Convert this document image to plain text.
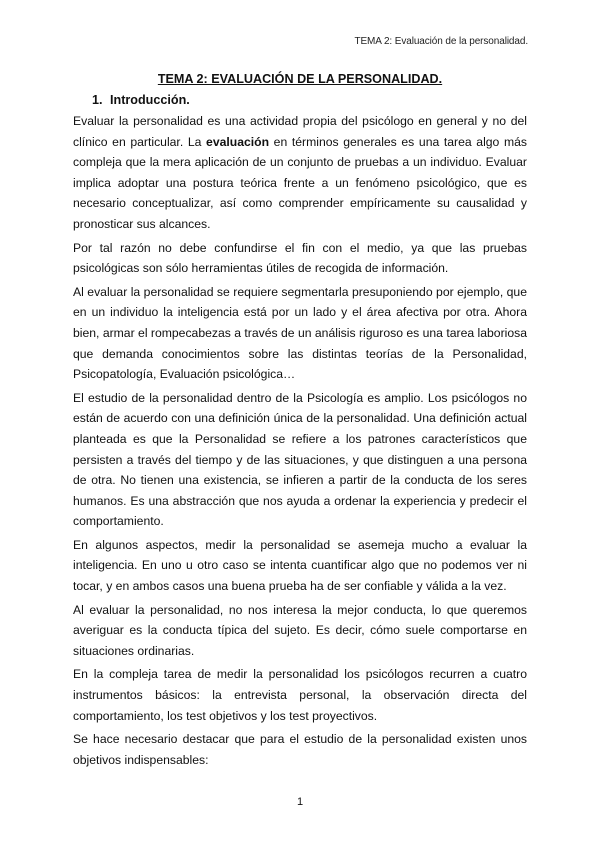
TEMA 2: Evaluación de la personalidad.
TEMA 2: EVALUACIÓN DE LA PERSONALIDAD.
1. Introducción.

Evaluar la personalidad es una actividad propia del psicólogo en general y no del
clínico en particular. La evaluación en términos generales es una tarea algo más
compleja que la mera aplicación de un conjunto de pruebas a un individuo. Evaluar
implica adoptar una postura teórica frente a un fenómeno psicológico, que es
necesario conceptualizar, así como comprender empíricamente su causalidad y
pronosticar sus alcances.

Por tal razón no debe confundirse el fin con el medio, ya que las pruebas
psicológicas son sólo herramientas útiles de recogida de información.

Al evaluar la personalidad se requiere segmentarla presuponiendo por ejemplo, que
en un individuo la inteligencia está por un lado y el área afectiva por otra. Ahora
bien, armar el rompecabezas a través de un análisis riguroso es una tarea laboriosa
que demanda conocimientos sobre las distintas teorías de la Personalidad,
Psicopatología, Evaluación psicológica…

El estudio de la personalidad dentro de la Psicología es amplio. Los psicólogos no
están de acuerdo con una definición única de la personalidad. Una definición actual
planteada es que la Personalidad se refiere a los patrones característicos que
persisten a través del tiempo y de las situaciones, y que distinguen a una persona
de otra. No tienen una existencia, se infieren a partir de la conducta de los seres
humanos. Es una abstracción que nos ayuda a ordenar la experiencia y predecir el
comportamiento.

En algunos aspectos, medir la personalidad se asemeja mucho a evaluar la
inteligencia. En uno u otro caso se intenta cuantificar algo que no podemos ver ni
tocar, y en ambos casos una buena prueba ha de ser confiable y válida a la vez.

Al evaluar la personalidad, no nos interesa la mejor conducta, lo que queremos
averiguar es la conducta típica del sujeto. Es decir, cómo suele comportarse en
situaciones ordinarias.

En la compleja tarea de medir la personalidad los psicólogos recurren a cuatro
instrumentos básicos: la entrevista personal, la observación directa del
comportamiento, los test objetivos y los test proyectivos.

Se hace necesario destacar que para el estudio de la personalidad existen unos
objetivos indispensables:

1
